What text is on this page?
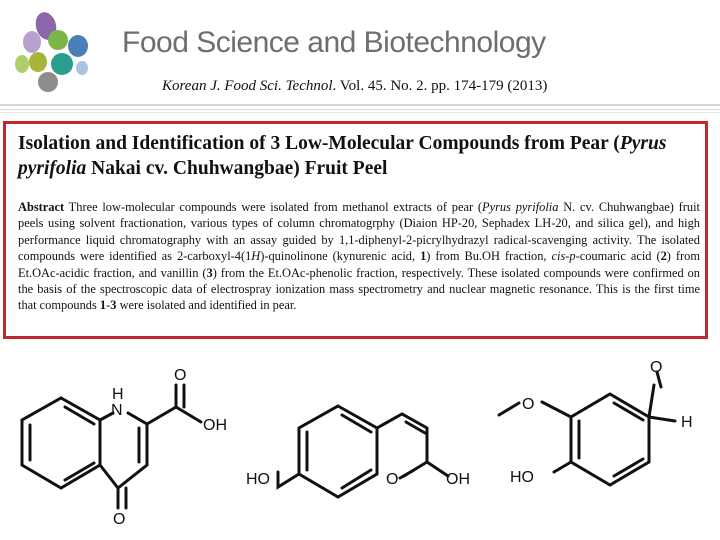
Food Science and Biotechnology
Korean J. Food Sci. Technol. Vol. 45. No. 2. pp. 174-179 (2013)
Isolation and Identification of 3 Low-Molecular Compounds from Pear (Pyrus pyrifolia Nakai cv. Chuhwangbae) Fruit Peel
Abstract Three low-molecular compounds were isolated from methanol extracts of pear (Pyrus pyrifolia N. cv. Chuhwangbae) fruit peels using solvent fractionation, various types of column chromatogrphy (Diaion HP-20, Sephadex LH-20, and silica gel), and high performance liquid chromatography with an assay guided by 1,1-diphenyl-2-picrylhydrazyl radical-scavenging activity. The isolated compounds were identified as 2-carboxyl-4(1H)-quinolinone (kynurenic acid, 1) from Bu.OH fraction, cis-p-coumaric acid (2) from Et.OAc-acidic fraction, and vanillin (3) from the Et.OAc-phenolic fraction, respectively. These isolated compounds were confirmed on the basis of the spectroscopic data of electrospray ionization mass spectrometry and nuclear magnetic resonance. This is the first time that compounds 1-3 were isolated and identified in pear.
H
N
O
OH
O
HO	O	OH
O
O
H
HO
